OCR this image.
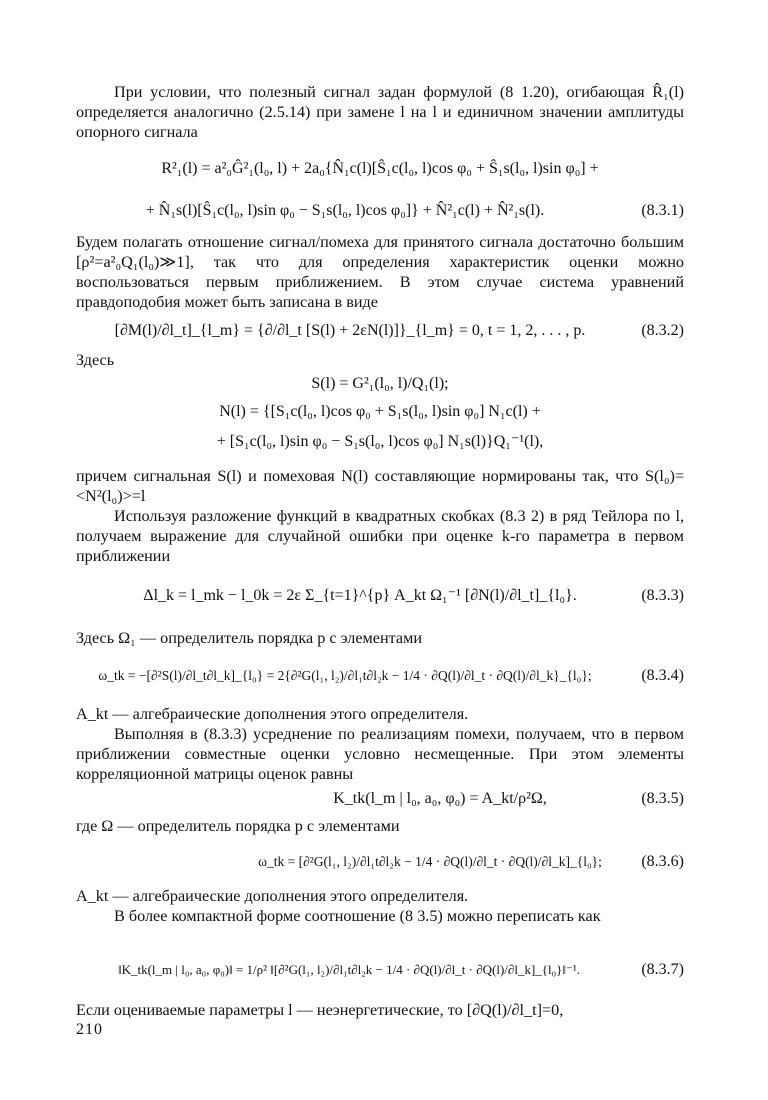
При условии, что полезный сигнал задан формулой (8 1.20), огибающая R̂₁(l) определяется аналогично (2.5.14) при замене l на l и единичном значении амплитуды опорного сигнала

R²₁(l) = a²₀Ĝ²₁(l₀, l) + 2a₀{N̂₁c(l)[Ŝ₁c(l₀, l)cos φ₀ + Ŝ₁s(l₀, l)sin φ₀] +
+ N̂₁s(l)[Ŝ₁c(l₀, l)sin φ₀ − S₁s(l₀, l)cos φ₀]} + N̂²₁c(l) + N̂²₁s(l).	(8.3.1)

Будем полагать отношение сигнал/помеха для принятого сигнала достаточно большим [ρ²=a²₀Q₁(l₀)≫1], так что для определения характеристик оценки можно воспользоваться первым приближением. В этом случае система уравнений правдоподобия может быть записана в виде

[∂M(l)/∂l_t]_{l_m} = {∂/∂l_t [S(l) + 2εN(l)]}_{l_m} = 0, t = 1, 2, . . . , p.	(8.3.2)

Здесь

S(l) = G²₁(l₀, l)/Q₁(l);
N(l) = {[S₁c(l₀, l)cos φ₀ + S₁s(l₀, l)sin φ₀] N₁c(l) +
+ [S₁c(l₀, l)sin φ₀ − S₁s(l₀, l)cos φ₀] N₁s(l)}Q₁⁻¹(l),

причем сигнальная S(l) и помеховая N(l) составляющие нормированы так, что S(l₀)=<N²(l₀)>=l

Используя разложение функций в квадратных скобках (8.3 2) в ряд Тейлора по l, получаем выражение для случайной ошибки при оценке k-го параметра в первом приближении

Δl_k = l_mk − l_0k = 2ε Σ_{t=1}^{p} A_kt Ω₁⁻¹ [∂N(l)/∂l_t]_{l₀}.	(8.3.3)

Здесь Ω₁ — определитель порядка p с элементами

ω_tk = −[∂²S(l)/∂l_t∂l_k]_{l₀} = 2{∂²G(l₁, l₂)/∂l₁t∂l₂k − 1/4 · ∂Q(l)/∂l_t · ∂Q(l)/∂l_k}_{l₀};	(8.3.4)

A_kt — алгебраические дополнения этого определителя.

Выполняя в (8.3.3) усреднение по реализациям помехи, получаем, что в первом приближении совместные оценки условно несмещенные. При этом элементы корреляционной матрицы оценок равны

K_tk(l_m | l₀, a₀, φ₀) = A_kt/ρ²Ω,	(8.3.5)

где Ω — определитель порядка p с элементами

ω_tk = [∂²G(l₁, l₂)/∂l₁t∂l₂k − 1/4 · ∂Q(l)/∂l_t · ∂Q(l)/∂l_k]_{l₀}; (8.3.6)

A_kt — алгебраические дополнения этого определителя.

В более компактной форме соотношение (8 3.5) можно переписать как

‖K_tk(l_m | l₀, a₀, φ₀)‖ = 1/ρ² ‖[∂²G(l₁, l₂)/∂l₁t∂l₂k − 1/4 · ∂Q(l)/∂l_t · ∂Q(l)/∂l_k]_{l₀}‖⁻¹.	(8.3.7)

Если оцениваемые параметры l — неэнергетические, то [∂Q(l)/∂l_t]=0,

210
